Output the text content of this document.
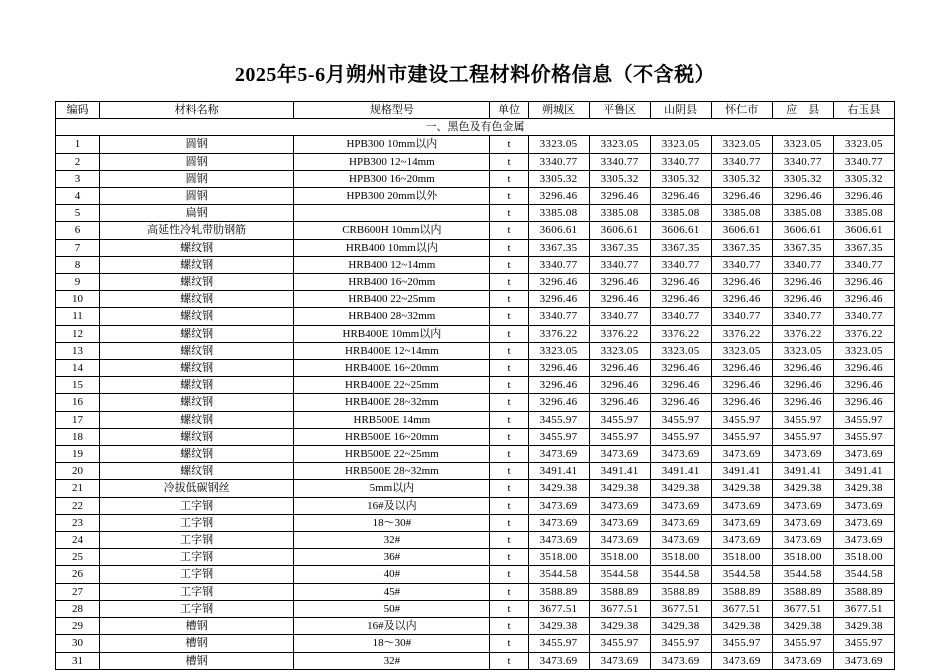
2025年5-6月朔州市建设工程材料价格信息（不含税）
编码	材料名称	规格型号	单位	朔城区	平鲁区	山阴县	怀仁市	应　县	右玉县
一、黑色及有色金属									
1	圆钢	HPB300 10mm以内	t	3323.05	3323.05	3323.05	3323.05	3323.05	3323.05
2	圆钢	HPB300 12~14mm	t	3340.77	3340.77	3340.77	3340.77	3340.77	3340.77
3	圆钢	HPB300 16~20mm	t	3305.32	3305.32	3305.32	3305.32	3305.32	3305.32
4	圆钢	HPB300 20mm以外	t	3296.46	3296.46	3296.46	3296.46	3296.46	3296.46
5	扁钢		t	3385.08	3385.08	3385.08	3385.08	3385.08	3385.08
6	高延性冷轧带肋钢筋	CRB600H 10mm以内	t	3606.61	3606.61	3606.61	3606.61	3606.61	3606.61
7	螺纹钢	HRB400 10mm以内	t	3367.35	3367.35	3367.35	3367.35	3367.35	3367.35
8	螺纹钢	HRB400 12~14mm	t	3340.77	3340.77	3340.77	3340.77	3340.77	3340.77
9	螺纹钢	HRB400 16~20mm	t	3296.46	3296.46	3296.46	3296.46	3296.46	3296.46
10	螺纹钢	HRB400 22~25mm	t	3296.46	3296.46	3296.46	3296.46	3296.46	3296.46
11	螺纹钢	HRB400 28~32mm	t	3340.77	3340.77	3340.77	3340.77	3340.77	3340.77
12	螺纹钢	HRB400E 10mm以内	t	3376.22	3376.22	3376.22	3376.22	3376.22	3376.22
13	螺纹钢	HRB400E 12~14mm	t	3323.05	3323.05	3323.05	3323.05	3323.05	3323.05
14	螺纹钢	HRB400E 16~20mm	t	3296.46	3296.46	3296.46	3296.46	3296.46	3296.46
15	螺纹钢	HRB400E 22~25mm	t	3296.46	3296.46	3296.46	3296.46	3296.46	3296.46
16	螺纹钢	HRB400E 28~32mm	t	3296.46	3296.46	3296.46	3296.46	3296.46	3296.46
17	螺纹钢	HRB500E 14mm	t	3455.97	3455.97	3455.97	3455.97	3455.97	3455.97
18	螺纹钢	HRB500E 16~20mm	t	3455.97	3455.97	3455.97	3455.97	3455.97	3455.97
19	螺纹钢	HRB500E 22~25mm	t	3473.69	3473.69	3473.69	3473.69	3473.69	3473.69
20	螺纹钢	HRB500E 28~32mm	t	3491.41	3491.41	3491.41	3491.41	3491.41	3491.41
21	冷拔低碳钢丝	5mm以内	t	3429.38	3429.38	3429.38	3429.38	3429.38	3429.38
22	工字钢	16#及以内	t	3473.69	3473.69	3473.69	3473.69	3473.69	3473.69
23	工字钢	18～30#	t	3473.69	3473.69	3473.69	3473.69	3473.69	3473.69
24	工字钢	32#	t	3473.69	3473.69	3473.69	3473.69	3473.69	3473.69
25	工字钢	36#	t	3518.00	3518.00	3518.00	3518.00	3518.00	3518.00
26	工字钢	40#	t	3544.58	3544.58	3544.58	3544.58	3544.58	3544.58
27	工字钢	45#	t	3588.89	3588.89	3588.89	3588.89	3588.89	3588.89
28	工字钢	50#	t	3677.51	3677.51	3677.51	3677.51	3677.51	3677.51
29	槽钢	16#及以内	t	3429.38	3429.38	3429.38	3429.38	3429.38	3429.38
30	槽钢	18～30#	t	3455.97	3455.97	3455.97	3455.97	3455.97	3455.97
31	槽钢	32#	t	3473.69	3473.69	3473.69	3473.69	3473.69	3473.69
